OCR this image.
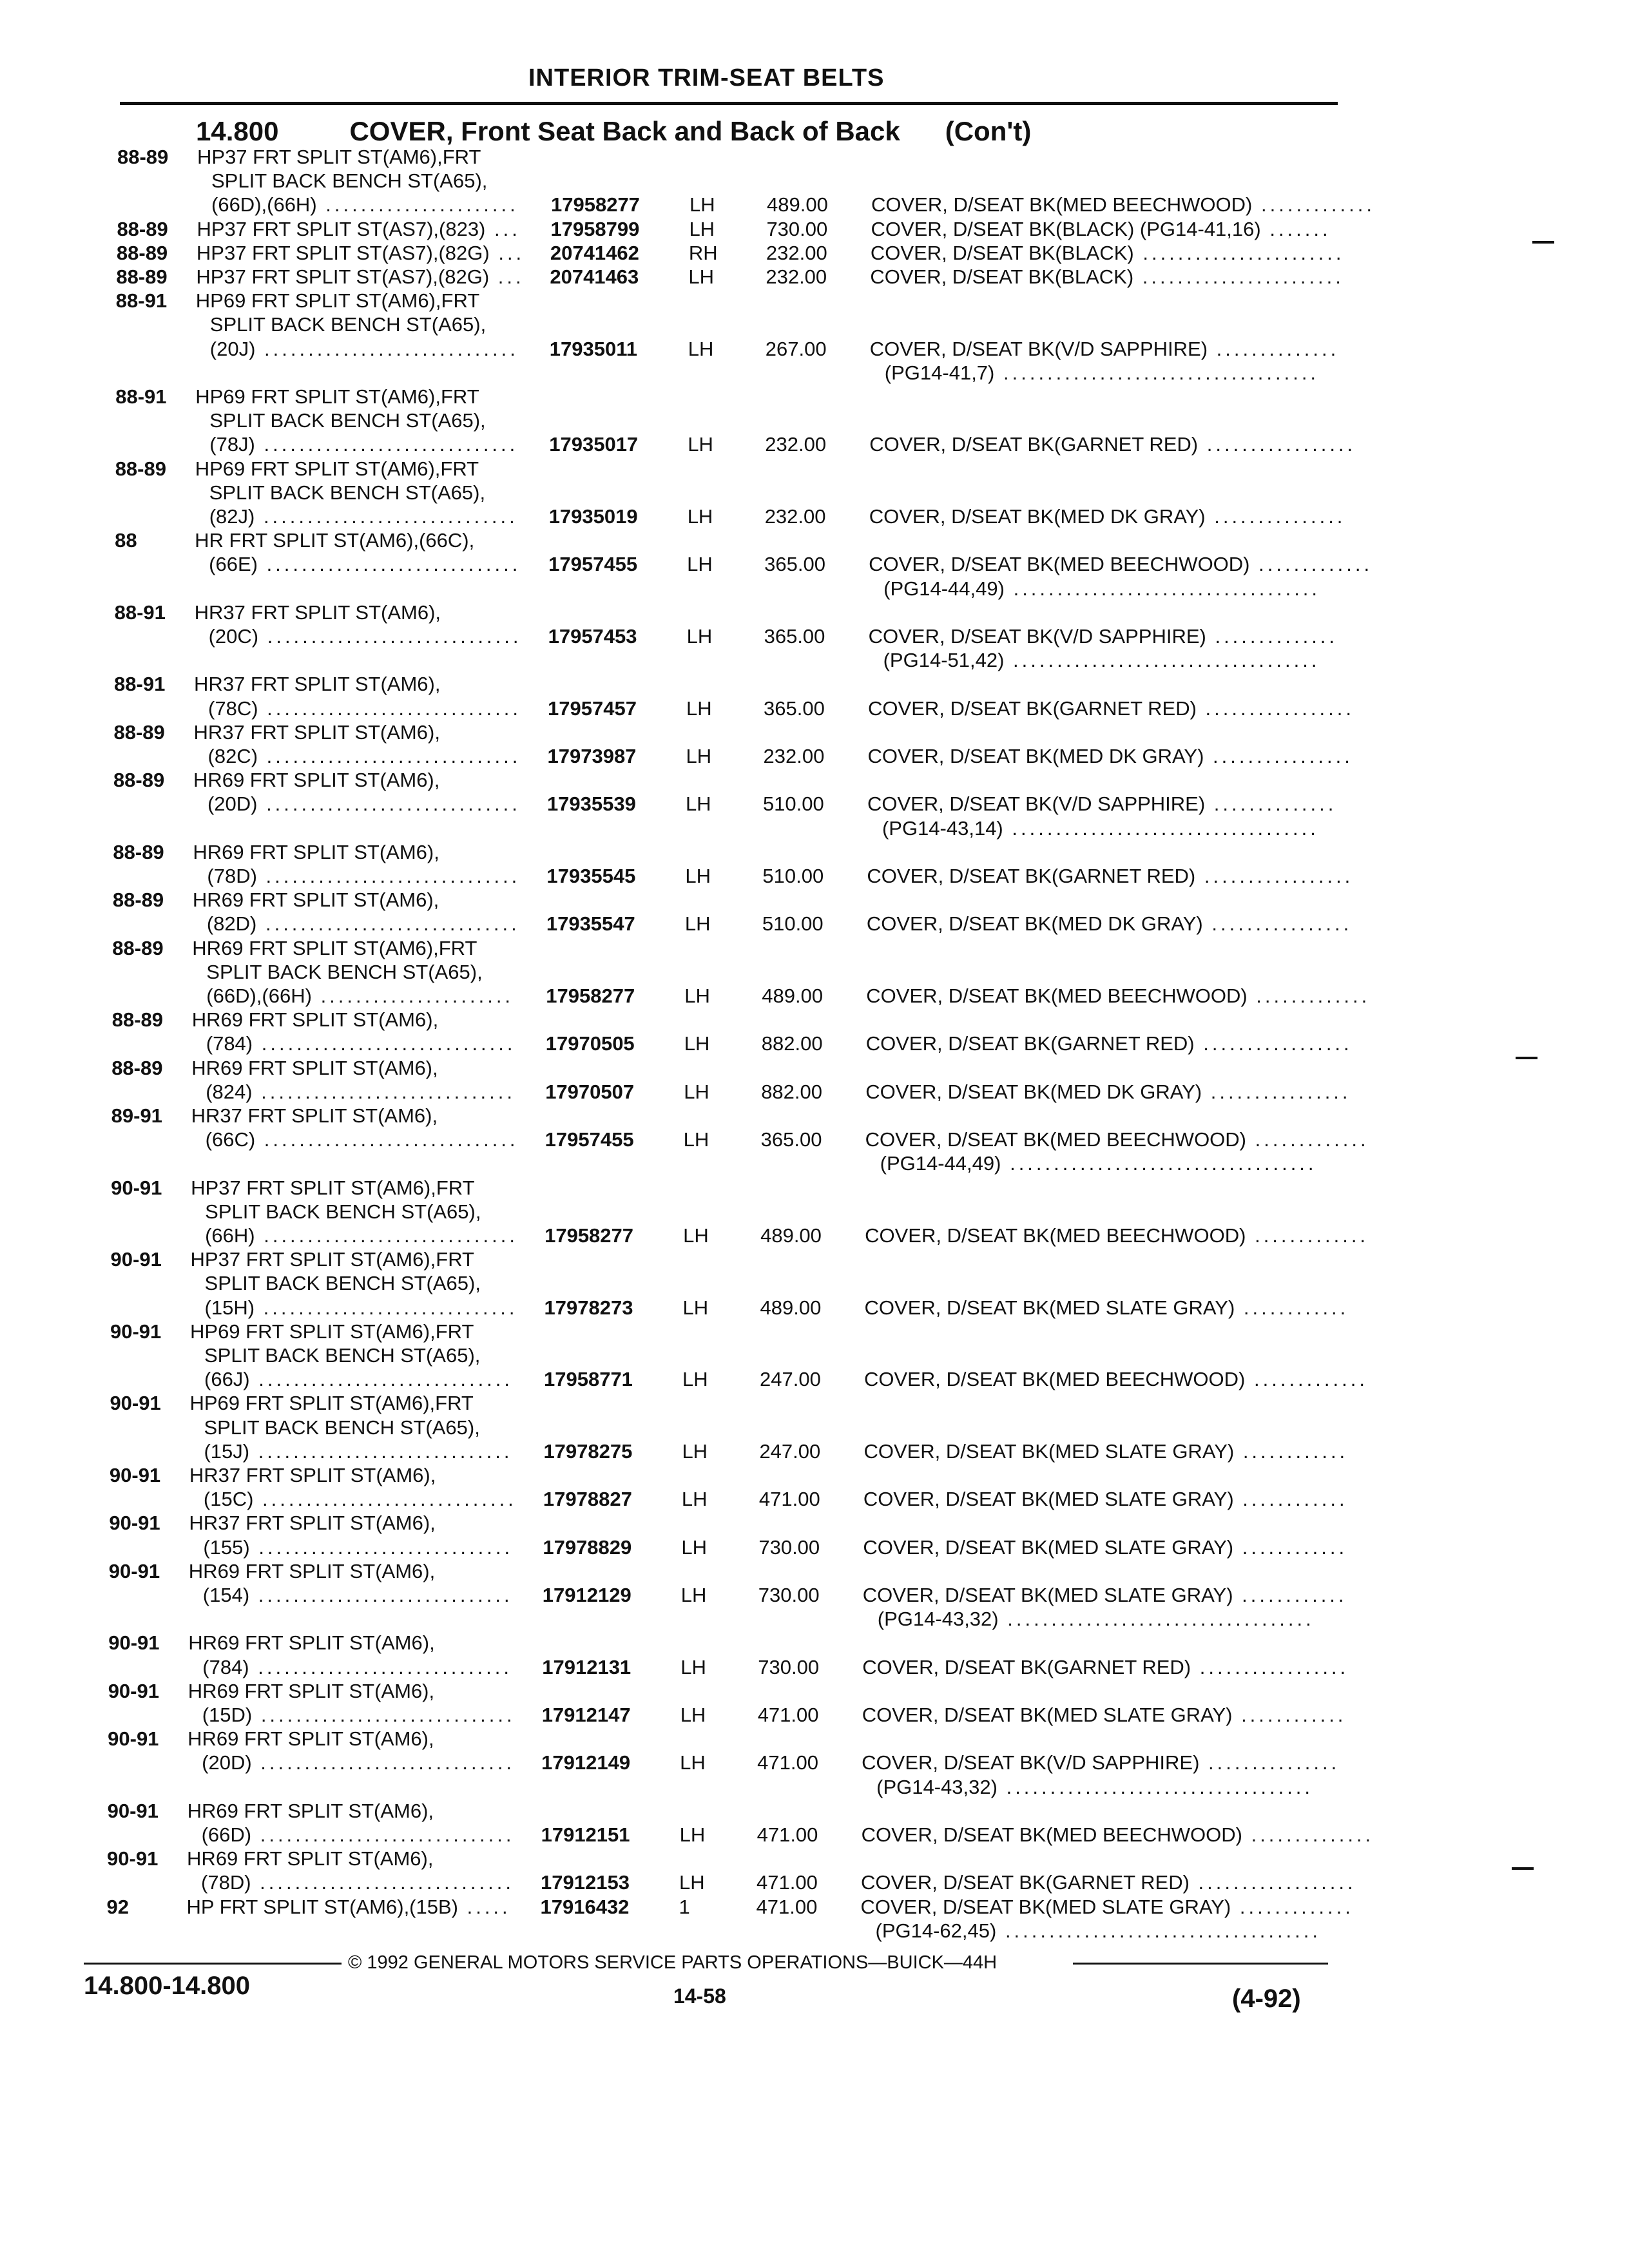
INTERIOR TRIM-SEAT BELTS
14.800	COVER, Front Seat Back and Back of Back (Con't)
88-89 HP37 FRT SPLIT ST(AM6),FRT
SPLIT BACK BENCH ST(A65),
(66D),(66H) ...................... 17958277 LH	489.00 COVER, D/SEAT BK(MED BEECHWOOD) .............
88-89 HP37 FRT SPLIT ST(AS7),(823) ... 17958799 LH	730.00 COVER, D/SEAT BK(BLACK) (PG14-41,16) .......
88-89 HP37 FRT SPLIT ST(AS7),(82G) ... 20741462 RH 232.00 COVER, D/SEAT BK(BLACK) .......................
88-89 HP37 FRT SPLIT ST(AS7),(82G) ... 20741463 LH	232.00 COVER, D/SEAT BK(BLACK) .......................
88-91 HP69 FRT SPLIT ST(AM6),FRT
SPLIT BACK BENCH ST(A65),
(20J) ............................. 17935011	LH	267.00 COVER, D/SEAT BK(V/D SAPPHIRE) ..............
(PG14-41,7) ....................................
88-91 HP69 FRT SPLIT ST(AM6),FRT
SPLIT BACK BENCH ST(A65),
(78J) ............................. 17935017 LH	232.00 COVER, D/SEAT BK(GARNET RED) .................
88-89 HP69 FRT SPLIT ST(AM6),FRT
SPLIT BACK BENCH ST(A65),
(82J) ............................. 17935019 LH	232.00 COVER, D/SEAT BK(MED DK GRAY) ...............
88	HR FRT SPLIT ST(AM6),(66C),
(66E) ............................. 17957455 LH	365.00 COVER, D/SEAT BK(MED BEECHWOOD) .............
(PG14-44,49) ...................................
88-91 HR37 FRT SPLIT ST(AM6),
(20C) ............................. 17957453 LH	365.00 COVER, D/SEAT BK(V/D SAPPHIRE) ..............
(PG14-51,42) ...................................
88-91 HR37 FRT SPLIT ST(AM6),
(78C) ............................. 17957457 LH	365.00 COVER, D/SEAT BK(GARNET RED) .................
88-89 HR37 FRT SPLIT ST(AM6),
(82C) ............................. 17973987 LH	232.00 COVER, D/SEAT BK(MED DK GRAY) ................
88-89 HR69 FRT SPLIT ST(AM6),
(20D) ............................. 17935539 LH	510.00 COVER, D/SEAT BK(V/D SAPPHIRE) ..............
(PG14-43,14) ...................................
88-89 HR69 FRT SPLIT ST(AM6),
(78D) ............................. 17935545 LH	510.00 COVER, D/SEAT BK(GARNET RED) .................
88-89 HR69 FRT SPLIT ST(AM6),
(82D) ............................. 17935547 LH	510.00 COVER, D/SEAT BK(MED DK GRAY) ................
88-89 HR69 FRT SPLIT ST(AM6),FRT
SPLIT BACK BENCH ST(A65),
(66D),(66H) ...................... 17958277 LH	489.00 COVER, D/SEAT BK(MED BEECHWOOD) .............
88-89 HR69 FRT SPLIT ST(AM6),
(784) ............................. 17970505 LH	882.00 COVER, D/SEAT BK(GARNET RED) .................
88-89 HR69 FRT SPLIT ST(AM6),
(824) ............................. 17970507 LH	882.00 COVER, D/SEAT BK(MED DK GRAY) ................
89-91 HR37 FRT SPLIT ST(AM6),
(66C) ............................. 17957455 LH	365.00 COVER, D/SEAT BK(MED BEECHWOOD) .............
(PG14-44,49) ...................................
90-91 HP37 FRT SPLIT ST(AM6),FRT
SPLIT BACK BENCH ST(A65),
(66H) ............................. 17958277 LH	489.00 COVER, D/SEAT BK(MED BEECHWOOD) .............
90-91 HP37 FRT SPLIT ST(AM6),FRT
SPLIT BACK BENCH ST(A65),
(15H) ............................. 17978273 LH	489.00 COVER, D/SEAT BK(MED SLATE GRAY) ............
90-91 HP69 FRT SPLIT ST(AM6),FRT
SPLIT BACK BENCH ST(A65),
(66J) ............................. 17958771 LH	247.00 COVER, D/SEAT BK(MED BEECHWOOD) .............
90-91 HP69 FRT SPLIT ST(AM6),FRT
SPLIT BACK BENCH ST(A65),
(15J) ............................. 17978275 LH	247.00 COVER, D/SEAT BK(MED SLATE GRAY) ............
90-91 HR37 FRT SPLIT ST(AM6),
(15C) ............................. 17978827 LH	471.00 COVER, D/SEAT BK(MED SLATE GRAY) ............
90-91 HR37 FRT SPLIT ST(AM6),
(155) ............................. 17978829 LH	730.00 COVER, D/SEAT BK(MED SLATE GRAY) ............
90-91 HR69 FRT SPLIT ST(AM6),
(154) ............................. 17912129 LH	730.00 COVER, D/SEAT BK(MED SLATE GRAY) ............
(PG14-43,32) ...................................
90-91 HR69 FRT SPLIT ST(AM6),
(784) ............................. 17912131 LH	730.00 COVER, D/SEAT BK(GARNET RED) .................
90-91 HR69 FRT SPLIT ST(AM6),
(15D) ............................. 17912147 LH	471.00 COVER, D/SEAT BK(MED SLATE GRAY) ............
90-91 HR69 FRT SPLIT ST(AM6),
(20D) ............................. 17912149 LH	471.00 COVER, D/SEAT BK(V/D SAPPHIRE) ...............
(PG14-43,32) ...................................
90-91 HR69 FRT SPLIT ST(AM6),
(66D) ............................. 17912151 LH	471.00 COVER, D/SEAT BK(MED BEECHWOOD) ..............
90-91 HR69 FRT SPLIT ST(AM6),
(78D) ............................. 17912153 LH	471.00 COVER, D/SEAT BK(GARNET RED) ..................
92	HP FRT SPLIT ST(AM6),(15B) ..... 17916432 1	471.00 COVER, D/SEAT BK(MED SLATE GRAY) .............
(PG14-62,45) ....................................
© 1992 GENERAL MOTORS SERVICE PARTS OPERATIONS—BUICK—44H
14.800-14.800	14-58	(4-92)
